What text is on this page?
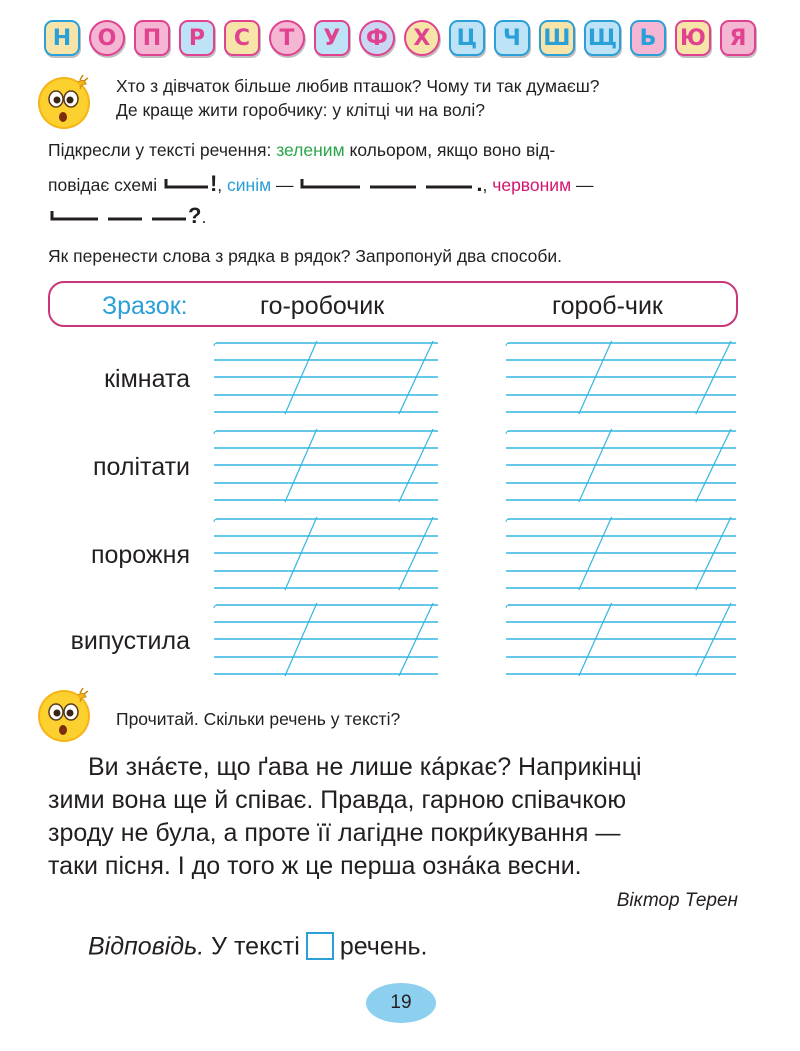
Н	О	П	Р	С	Т	У	Ф	Х	Ц	Ч	Ш Щ	Ь	Ю	Я
Хто з дівчаток більше любив пташок? Чому ти так думаєш?
Де краще жити горобчику: у клітці чи на волі?
Підкресли у тексті речення: зеленим кольором, якщо воно від-
повідає схемі !, синім —	., червоним —
?.
Як перенести слова з рядка в рядок? Запропонуй два способи.
Зразок:	го-робочик	гороб-чик
кімната
політати
порожня
випустила
Прочитай. Скільки речень у тексті?

Ви зна́єте, що ґава не лише ка́ркає? Наприкінці

зими вона ще й співає. Правда, гарною співачкою

зроду не була, а проте її лагідне покри́кування —

таки пісня. І до того ж це перша озна́ка весни.

Віктор Терен
Відповідь. У тексті речень.
19
